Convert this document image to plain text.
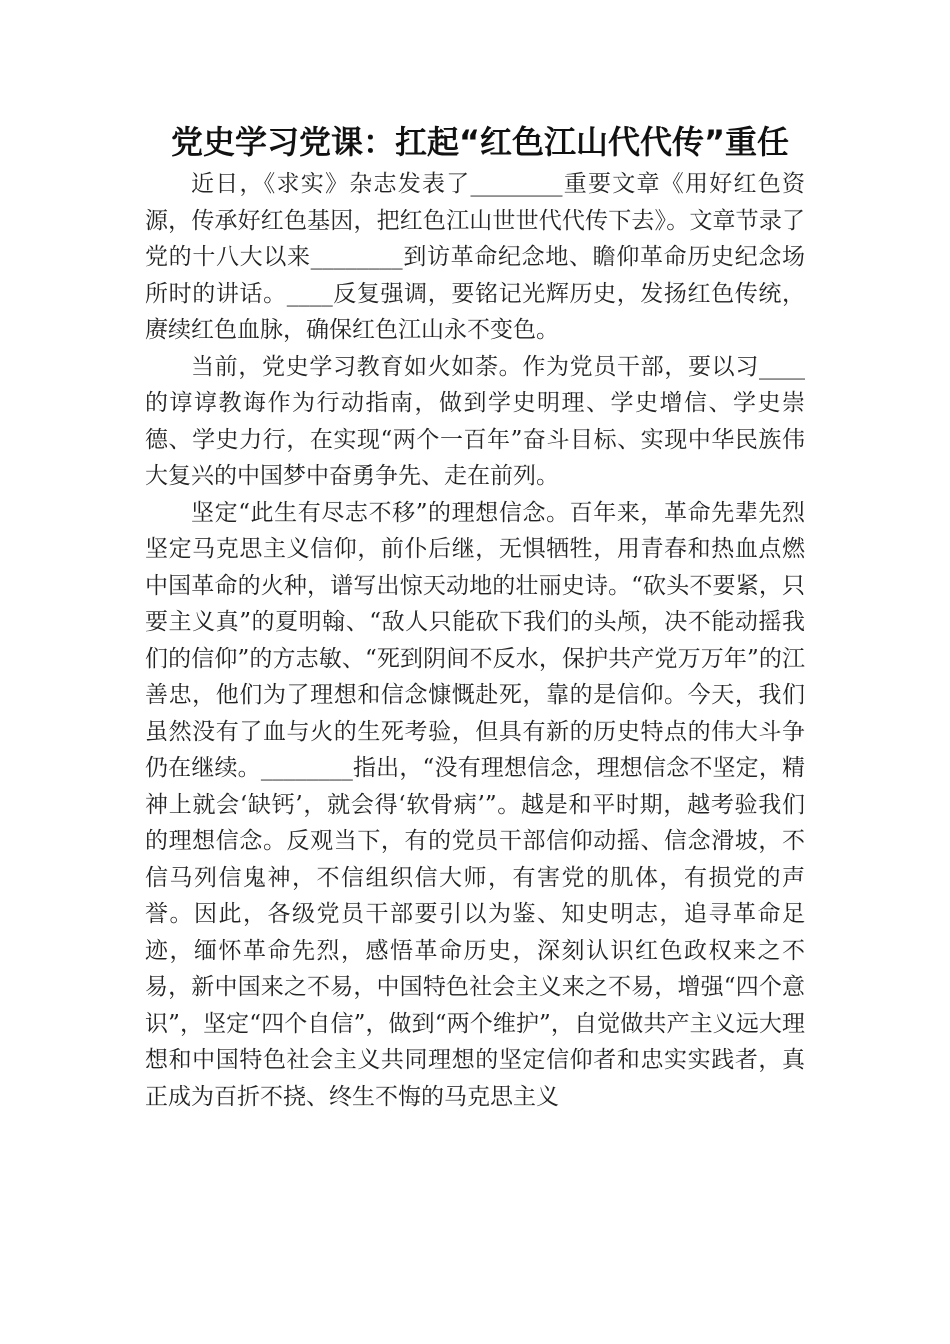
党史学习党课：扛起“红色江山代代传”重任

近日，《求实》杂志发表了________重要文章《用好红色资源，传承好红色基因，把红色江山世世代代传下去》。文章节录了党的十八大以来________到访革命纪念地、瞻仰革命历史纪念场所时的讲话。____反复强调，要铭记光辉历史，发扬红色传统，赓续红色血脉，确保红色江山永不变色。

当前，党史学习教育如火如荼。作为党员干部，要以习____的谆谆教诲作为行动指南，做到学史明理、学史增信、学史崇德、学史力行，在实现“两个一百年”奋斗目标、实现中华民族伟大复兴的中国梦中奋勇争先、走在前列。

坚定“此生有尽志不移”的理想信念。百年来，革命先辈先烈坚定马克思主义信仰，前仆后继，无惧牺牲，用青春和热血点燃中国革命的火种，谱写出惊天动地的壮丽史诗。“砍头不要紧，只要主义真”的夏明翰、“敌人只能砍下我们的头颅，决不能动摇我们的信仰”的方志敏、“死到阴间不反水，保护共产党万万年”的江善忠，他们为了理想和信念慷慨赴死，靠的是信仰。今天，我们虽然没有了血与火的生死考验，但具有新的历史特点的伟大斗争仍在继续。________指出，“没有理想信念，理想信念不坚定，精神上就会‘缺钙’，就会得‘软骨病’”。越是和平时期，越考验我们的理想信念。反观当下，有的党员干部信仰动摇、信念滑坡，不信马列信鬼神，不信组织信大师，有害党的肌体，有损党的声誉。因此，各级党员干部要引以为鉴、知史明志，追寻革命足迹，缅怀革命先烈，感悟革命历史，深刻认识红色政权来之不易，新中国来之不易，中国特色社会主义来之不易，增强“四个意识”，坚定“四个自信”，做到“两个维护”，自觉做共产主义远大理想和中国特色社会主义共同理想的坚定信仰者和忠实实践者，真正成为百折不挠、终生不悔的马克思主义
